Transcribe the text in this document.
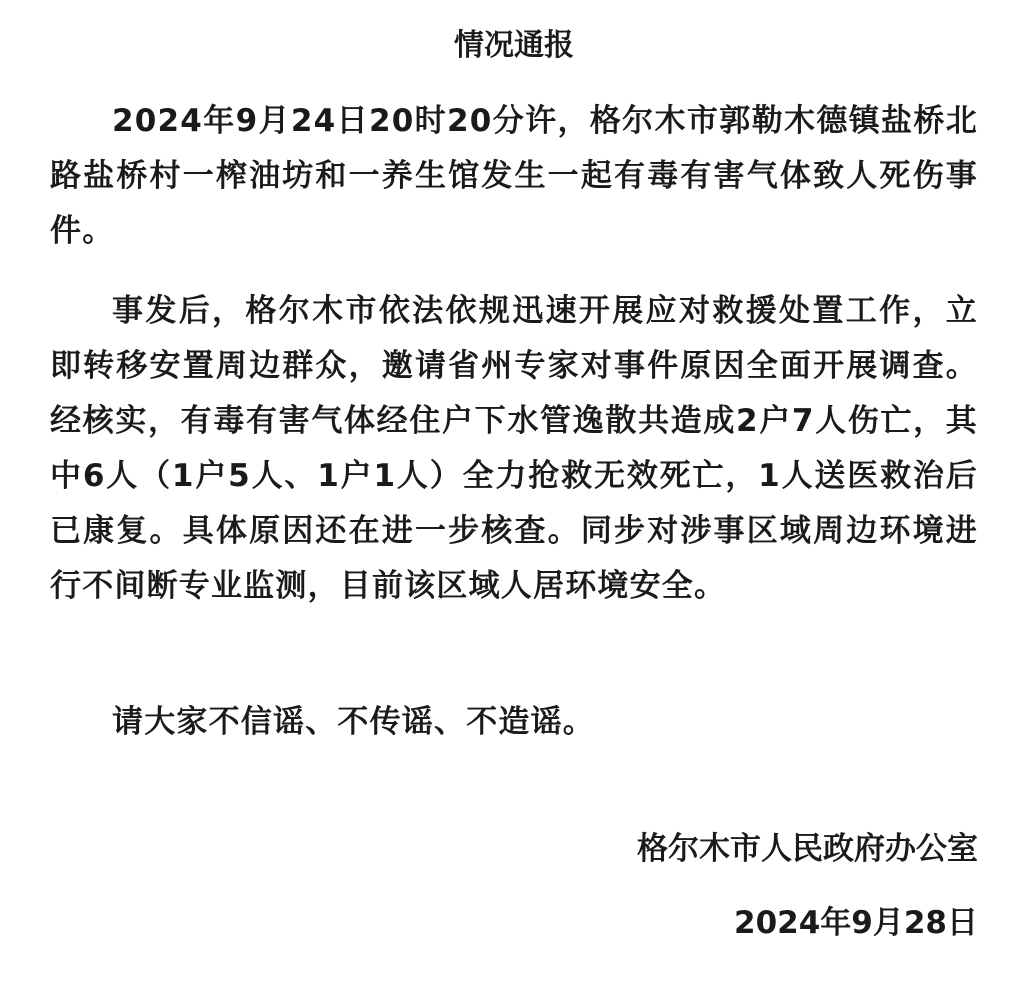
情况通报

2024年9月24日20时20分许，格尔木市郭勒木德镇盐桥北路盐桥村一榨油坊和一养生馆发生一起有毒有害气体致人死伤事件。

事发后，格尔木市依法依规迅速开展应对救援处置工作，立即转移安置周边群众，邀请省州专家对事件原因全面开展调查。经核实，有毒有害气体经住户下水管逸散共造成2户7人伤亡，其中6人（1户5人、1户1人）全力抢救无效死亡，1人送医救治后已康复。具体原因还在进一步核查。同步对涉事区域周边环境进行不间断专业监测，目前该区域人居环境安全。

请大家不信谣、不传谣、不造谣。

格尔木市人民政府办公室

2024年9月28日
